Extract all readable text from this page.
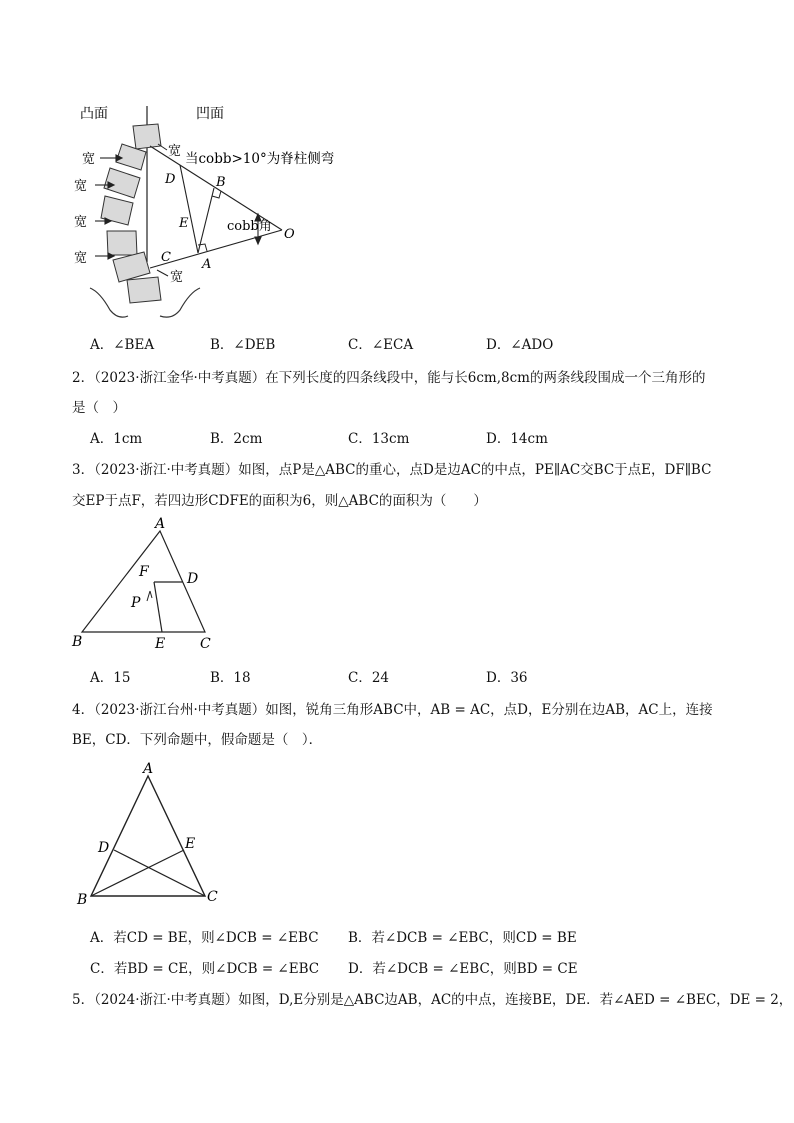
凸面	凹面
宽
宽
宽
宽
宽
宽
当cobb>10°为脊柱侧弯
cobb角
D	B
E
C A
O
A．∠BEA	B．∠DEB	C．∠ECA	D．∠ADO
2．（2023·浙江金华·中考真题）在下列长度的四条线段中，能与长6cm,8cm的两条线段围成一个三角形的
是（　）
A．1cm	B．2cm	C．13cm	D．14cm
3．（2023·浙江·中考真题）如图，点P是△ABC的重心，点D是边AC的中点，PE∥AC交BC于点E，DF∥BC
交EP于点F，若四边形CDFE的面积为6，则△ABC的面积为（　　）
A
F	D
P
B	E C
A．15	B．18	C．24	D．36
4．（2023·浙江台州·中考真题）如图，锐角三角形ABC中，AB = AC，点D，E分别在边AB，AC上，连接
BE，CD．下列命题中，假命题是（　）．
A
D	E
B	C
A．若CD = BE，则∠DCB = ∠EBC B．若∠DCB = ∠EBC，则CD = BE
C．若BD = CE，则∠DCB = ∠EBC D．若∠DCB = ∠EBC，则BD = CE
5．（2024·浙江·中考真题）如图，D,E分别是△ABC边AB，AC的中点，连接BE，DE．若∠AED = ∠BEC，DE = 2，
